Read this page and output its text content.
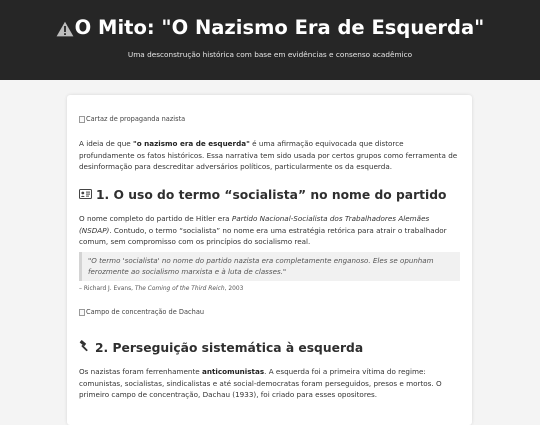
O Mito: "O Nazismo Era de Esquerda"
Uma desconstrução histórica com base em evidências e consenso acadêmico
Cartaz de propaganda nazista

A ideia de que "o nazismo era de esquerda" é uma afirmação equivocada que distorce profundamente os fatos históricos. Essa narrativa tem sido usada por certos grupos como ferramenta de desinformação para descreditar adversários políticos, particularmente os da esquerda.

1. O uso do termo “socialista” no nome do partido

O nome completo do partido de Hitler era Partido Nacional-Socialista dos Trabalhadores Alemães (NSDAP). Contudo, o termo “socialista” no nome era uma estratégia retórica para atrair o trabalhador comum, sem compromisso com os princípios do socialismo real.

"O termo 'socialista' no nome do partido nazista era completamente enganoso. Eles se opunham ferozmente ao socialismo marxista e à luta de classes."
– Richard J. Evans, The Coming of the Third Reich, 2003
Campo de concentração de Dachau
2. Perseguição sistemática à esquerda

Os nazistas foram ferrenhamente anticomunistas. A esquerda foi a primeira vítima do regime: comunistas, socialistas, sindicalistas e até social-democratas foram perseguidos, presos e mortos. O primeiro campo de concentração, Dachau (1933), foi criado para esses opositores.
